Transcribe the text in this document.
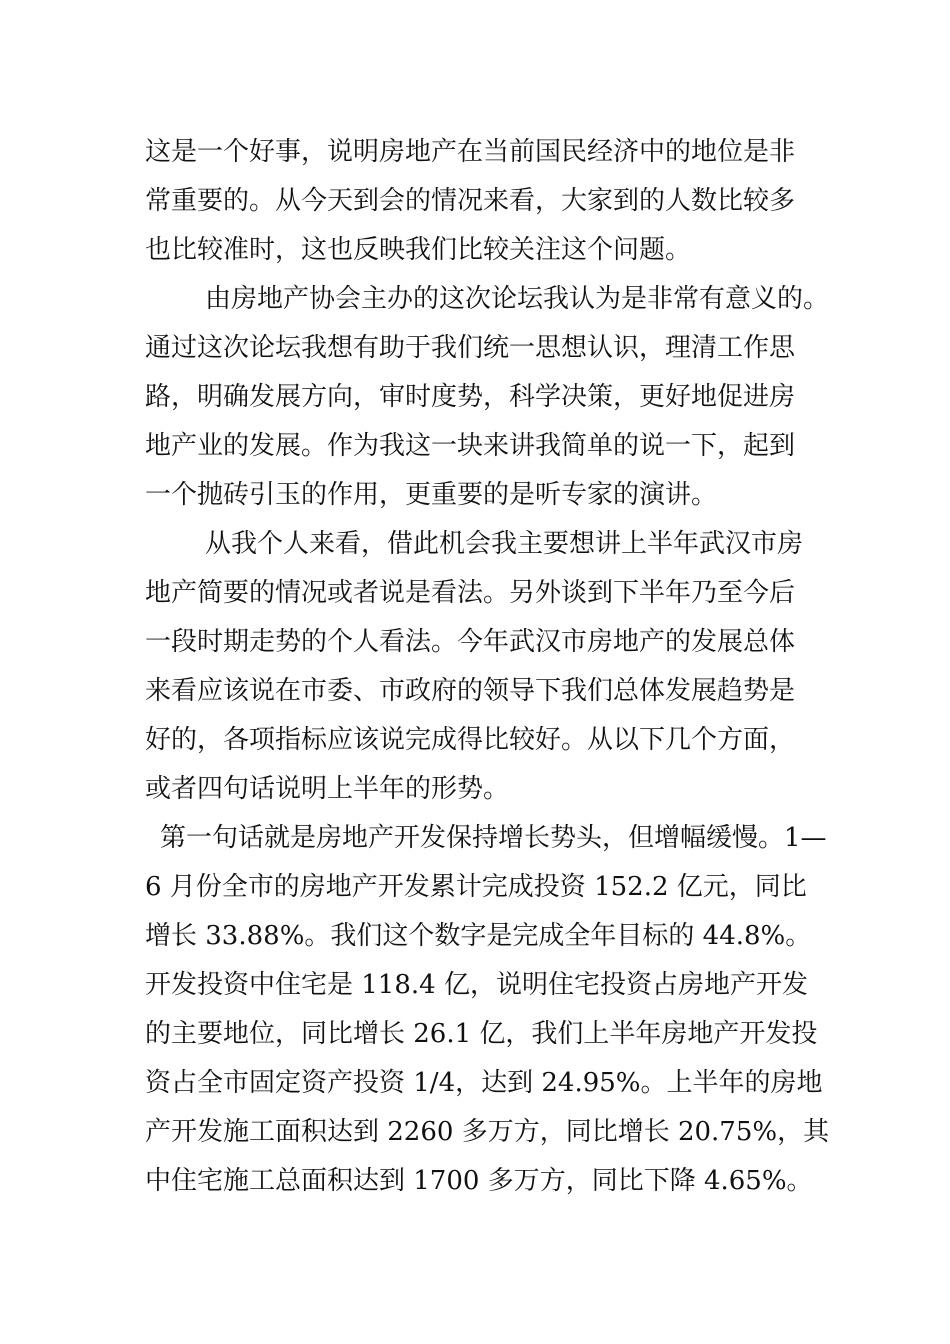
这是一个好事，说明房地产在当前国民经济中的地位是非

常重要的。从今天到会的情况来看，大家到的人数比较多

也比较准时，这也反映我们比较关注这个问题。

由房地产协会主办的这次论坛我认为是非常有意义的。

通过这次论坛我想有助于我们统一思想认识，理清工作思

路，明确发展方向，审时度势，科学决策，更好地促进房

地产业的发展。作为我这一块来讲我简单的说一下，起到

一个抛砖引玉的作用，更重要的是听专家的演讲。

从我个人来看，借此机会我主要想讲上半年武汉市房

地产简要的情况或者说是看法。另外谈到下半年乃至今后

一段时期走势的个人看法。今年武汉市房地产的发展总体

来看应该说在市委、市政府的领导下我们总体发展趋势是

好的，各项指标应该说完成得比较好。从以下几个方面，

或者四句话说明上半年的形势。

第一句话就是房地产开发保持增长势头，但增幅缓慢。1—

6 月份全市的房地产开发累计完成投资 152.2 亿元，同比

增长 33.88%。我们这个数字是完成全年目标的 44.8%。

开发投资中住宅是 118.4 亿，说明住宅投资占房地产开发

的主要地位，同比增长 26.1 亿，我们上半年房地产开发投

资占全市固定资产投资 1/4，达到 24.95%。上半年的房地

产开发施工面积达到 2260 多万方，同比增长 20.75%，其

中住宅施工总面积达到 1700 多万方，同比下降 4.65%。
